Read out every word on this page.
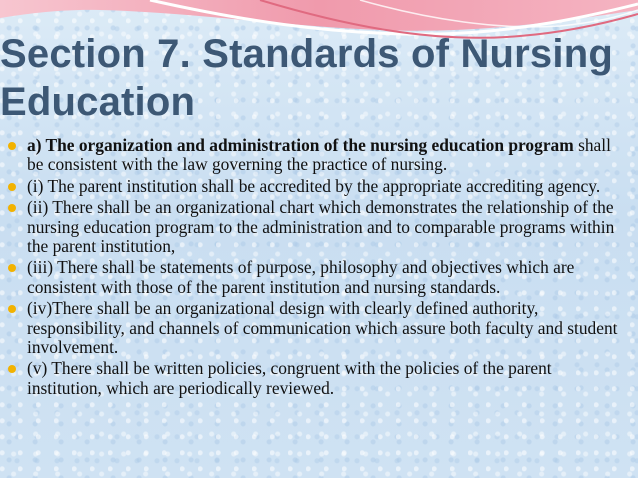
Section 7. Standards of Nursing Education
a) The organization and administration of the nursing education program shall be consistent with the law governing the practice of nursing.
(i) The parent institution shall be accredited by the appropriate accrediting agency.
(ii) There shall be an organizational chart which demonstrates the relationship of the nursing education program to the administration and to comparable programs within the parent institution,
(iii) There shall be statements of purpose, philosophy and objectives which are consistent with those of the parent institution and nursing standards.
(iv)There shall be an organizational design with clearly defined authority, responsibility, and channels of communication which assure both faculty and student involvement.
(v) There shall be written policies, congruent with the policies of the parent institution, which are periodically reviewed.
